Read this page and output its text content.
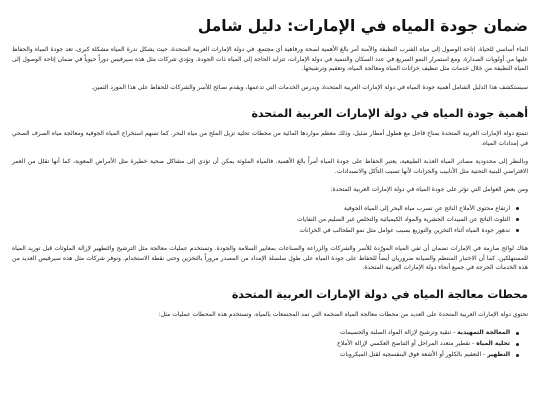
ضمان جودة المياه في الإمارات: دليل شامل

الماء أساسي للحياة. إتاحة الوصول إلى مياه الشرب النظيفة والآمنة أمر بالغ الأهمية لصحة ورفاهية أي مجتمع. في دولة الإمارات العربية المتحدة، حيث يشكل ندرة المياه مشكلة كبرى، تعد جودة المياه والحفاظ عليها من أولويات الصدارة. ومع استمرار النمو السريع في عدد السكان والتنمية في دولة الإمارات، تتزايد الحاجة إلى المياه ذات الجودة. وتؤدي شركات مثل هذه سيرفيس دوراً حيوياً في ضمان إتاحة الوصول إلى المياه النظيفة من خلال خدمات مثل تنظيف خزانات المياه ومعالجة المياه، وتعقيم وترشيحها.

سيستكشف هذا الدليل الشامل أهمية جودة المياه في دولة الإمارات العربية المتحدة، ويدرس الخدمات التي تدعمها، ويقدم نصائح للأسر والشركات للحفاظ على هذا المورد الثمين.

أهمية جودة المياه في دولة الإمارات العربية المتحدة

تتمتع دولة الإمارات العربية المتحدة بمناخ قاحل مع هطول أمطار ضئيل، وذلك معظم مواردها المائية من محطات تحلية تزيل الملح من مياه البحر. كما تسهم استخراج المياه الجوفية ومعالجة مياه الصرف الصحي في إمدادات المياه.

وبالنظر إلى محدودية مصادر المياه العذبة الطبيعية، يعتبر الحفاظ على جودة المياه أمراً بالغ الأهمية. فالمياه الملوثة يمكن أن تؤدي إلى مشاكل صحية خطيرة مثل الأمراض المعوية، كما أنها تقلل من العمر الافتراضي للبنية التحتية مثل الأنابيب والخزانات لأنها تسبب التآكل والانسدادات.

ومن بعض العوامل التي تؤثر على جودة المياه في دولة الإمارات العربية المتحدة:

ارتفاع محتوى الأملاح الناتج عن تسرب مياه البحر إلى المياه الجوفية
التلوث الناتج عن المبيدات الحشرية والمواد الكيميائية والتخلص غير السليم من النفايات
تدهور جودة المياه أثناء التخزين والتوزيع بسبب عوامل مثل نمو الطحالب في الخزانات

هناك لوائح صارمة في الإمارات تضمان أن تفي المياه المورّدة للأسر والشركات والزراعة والصناعات بمعايير السلامة والجودة. وتستخدم عمليات معالجة مثل الترشيح والتطهير لإزالة الملوثات قبل توريد المياه للمستهلكين. كما أن الاختبار المنتظم والصيانة ضروريان أيضاً للحفاظ على جودة المياه على طول سلسلة الإمداد من المصدر مروراً بالتخزين وحتى نقطة الاستخدام. وتوفر شركات مثل هذه سيرفيس العديد من هذه الخدمات الحرجة في جميع أنحاء دولة الإمارات العربية المتحدة.

محطات معالجة المياه في دولة الإمارات العربية المتحدة

تحتوي دولة الإمارات العربية المتحدة على العديد من محطات معالجة المياه الضخمة التي تمد المجتمعات بالمياه. وتستخدم هذه المحطات عمليات مثل:

المعالجة التمهيدية - تنقية وترشيح لإزالة المواد الصلبة والجسيمات
تحلية المياه - تقطير متعدد المراحل أو التناضح العكسي لإزالة الأملاح
التطهير - التعقيم بالكلور أو الأشعة فوق البنفسجية لقتل الميكروبات
